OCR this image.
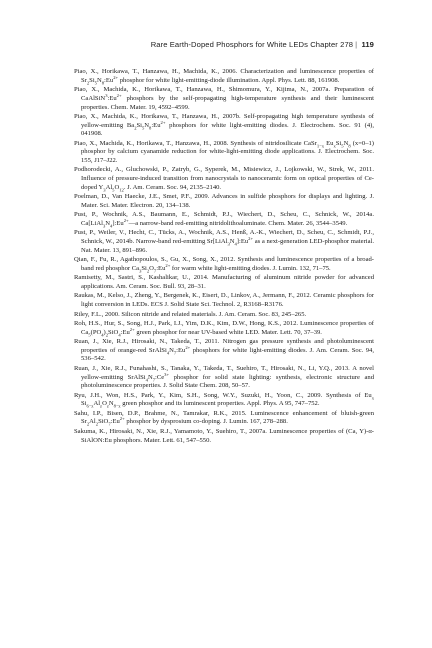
Rare Earth-Doped Phosphors for White LEDs Chapter 278 | 119

Piao, X., Horikawa, T., Hanzawa, H., Machida, K., 2006. Characterization and luminescence properties of $Sr_2Si_5N_8:Eu^{2+}$ phosphor for white light-emitting-diode illumination. Appl. Phys. Lett. 88, 161908.

Piao, X., Machida, K., Horikawa, T., Hanzawa, H., Shimomura, Y., Kijima, N., 2007a. Preparation of $CaAlSiN^3:Eu^{2+}$ phosphors by the self-propagating high-temperature synthesis and their luminescent properties. Chem. Mater. 19, 4592–4599.

Piao, X., Machida, K., Horikawa, T., Hanzawa, H., 2007b. Self-propagating high temperature synthesis of yellow-emitting $Ba_2Si_5N_8:Eu^{2+}$ phosphors for white light-emitting diodes. J. Electrochem. Soc. 91 (4), 041908.

Piao, X., Machida, K., Horikawa, T., Hanzawa, H., 2008. Synthesis of nitridosilicate CaSr$_{1-x}$ $Eu_xSi_5N_8$ (x=0–1) phosphor by calcium cyanamide reduction for white-light-emitting diode applications. J. Electrochem. Soc. 155, J17–J22.

Podhorodecki, A., Gluchowski, P., Zatryb, G., Syperek, M., Misiewicz, J., Lojkowski, W., Strek, W., 2011. Influence of pressure-induced transition from nanocrystals to nanoceramic form on optical properties of Ce-doped $Y_3Al_5O_{12}$. J. Am. Ceram. Soc. 94, 2135–2140.

Poelman, D., Van Haecke, J.E., Smet, P.F., 2009. Advances in sulfide phosphors for displays and lighting. J. Mater. Sci. Mater. Electron. 20, 134–138.

Pust, P., Wochnik, A.S., Baumann, E., Schmidt, P.J., Wiechert, D., Scheu, C., Schnick, W., 2014a. $Ca[LiAl_3N_4]:Eu^{2+}—a$ narrow-band red-emitting nitridolithoaluminate. Chem. Mater. 26, 3544–3549.

Pust, P., Weiler, V., Hecht, C., Tücks, A., Wochnik, A.S., Henß, A.-K., Wiechert, D., Scheu, C., Schmidt, P.J., Schnick, W., 2014b. Narrow-band red-emitting $Sr[LiAl_3N_4]:Eu^{2+}$ as a next-generation LED-phosphor material. Nat. Mater. 13, 891–896.

Qian, F., Fu, R., Agathopoulos, S., Gu, X., Song, X., 2012. Synthesis and luminescence properties of a broad-band red phosphor $Ca_3Si_2O_7:Eu^{2+}$ for warm white light-emitting diodes. J. Lumin. 132, 71–75.

Ramisetty, M., Sastri, S., Kashalikar, U., 2014. Manufacturing of aluminum nitride powder for advanced applications. Am. Ceram. Soc. Bull. 93, 28–31.

Raukas, M., Kelso, J., Zheng, Y., Bergenek, K., Eisert, D., Linkov, A., Jermann, F., 2012. Ceramic phosphors for light conversion in LEDs. ECS J. Solid State Sci. Technol. 2, R3168–R3176.

Riley, F.L., 2000. Silicon nitride and related materials. J. Am. Ceram. Soc. 83, 245–265.

Roh, H.S., Hur, S., Song, H.J., Park, I.J., Yim, D.K., Kim, D.W., Hong, K.S., 2012. Luminescence properties of $Ca_5(PO_4)_2SiO_4:Eu^{2+}$ green phosphor for near UV-based white LED. Mater. Lett. 70, 37–39.

Ruan, J., Xie, R.J., Hirosaki, N., Takeda, T., 2011. Nitrogen gas pressure synthesis and photoluminescent properties of orange-red $SrAlSi_4N_7:Eu^{2+}$ phosphors for white light-emitting diodes. J. Am. Ceram. Soc. 94, 536–542.

Ruan, J., Xie, R.J., Funahashi, S., Tanaka, Y., Takeda, T., Suehiro, T., Hirosaki, N., Li, Y.Q., 2013. A novel yellow-emitting $SrAlSi_4N_7:Ce^{3+}$ phosphor for solid state lighting: synthesis, electronic structure and photoluminescence properties. J. Solid State Chem. 208, 50–57.

Ryu, J.H., Won, H.S., Park, Y., Kim, S.H., Song, W.Y., Suzuki, H., Yoon, C., 2009. Synthesis of $Eu_x$ $Si_{6-z}Al_zO_zN_{8-z}$ green phosphor and its luminescent properties. Appl. Phys. A 95, 747–752.

Sahu, I.P., Bisen, D.P., Brahme, N., Tamrakar, R.K., 2015. Luminescence enhancement of bluish-green $Sr_2Al_2SiO_7:Eu^{2+}$ phosphor by dysprosium co-doping. J. Lumin. 167, 278–288.

Sakuma, K., Hirosaki, N., Xie, R.J., Yamamoto, Y., Suehiro, T., 2007a. Luminescence properties of (Ca, Y)-α-SiAlON:Eu phosphors. Mater. Lett. 61, 547–550.
